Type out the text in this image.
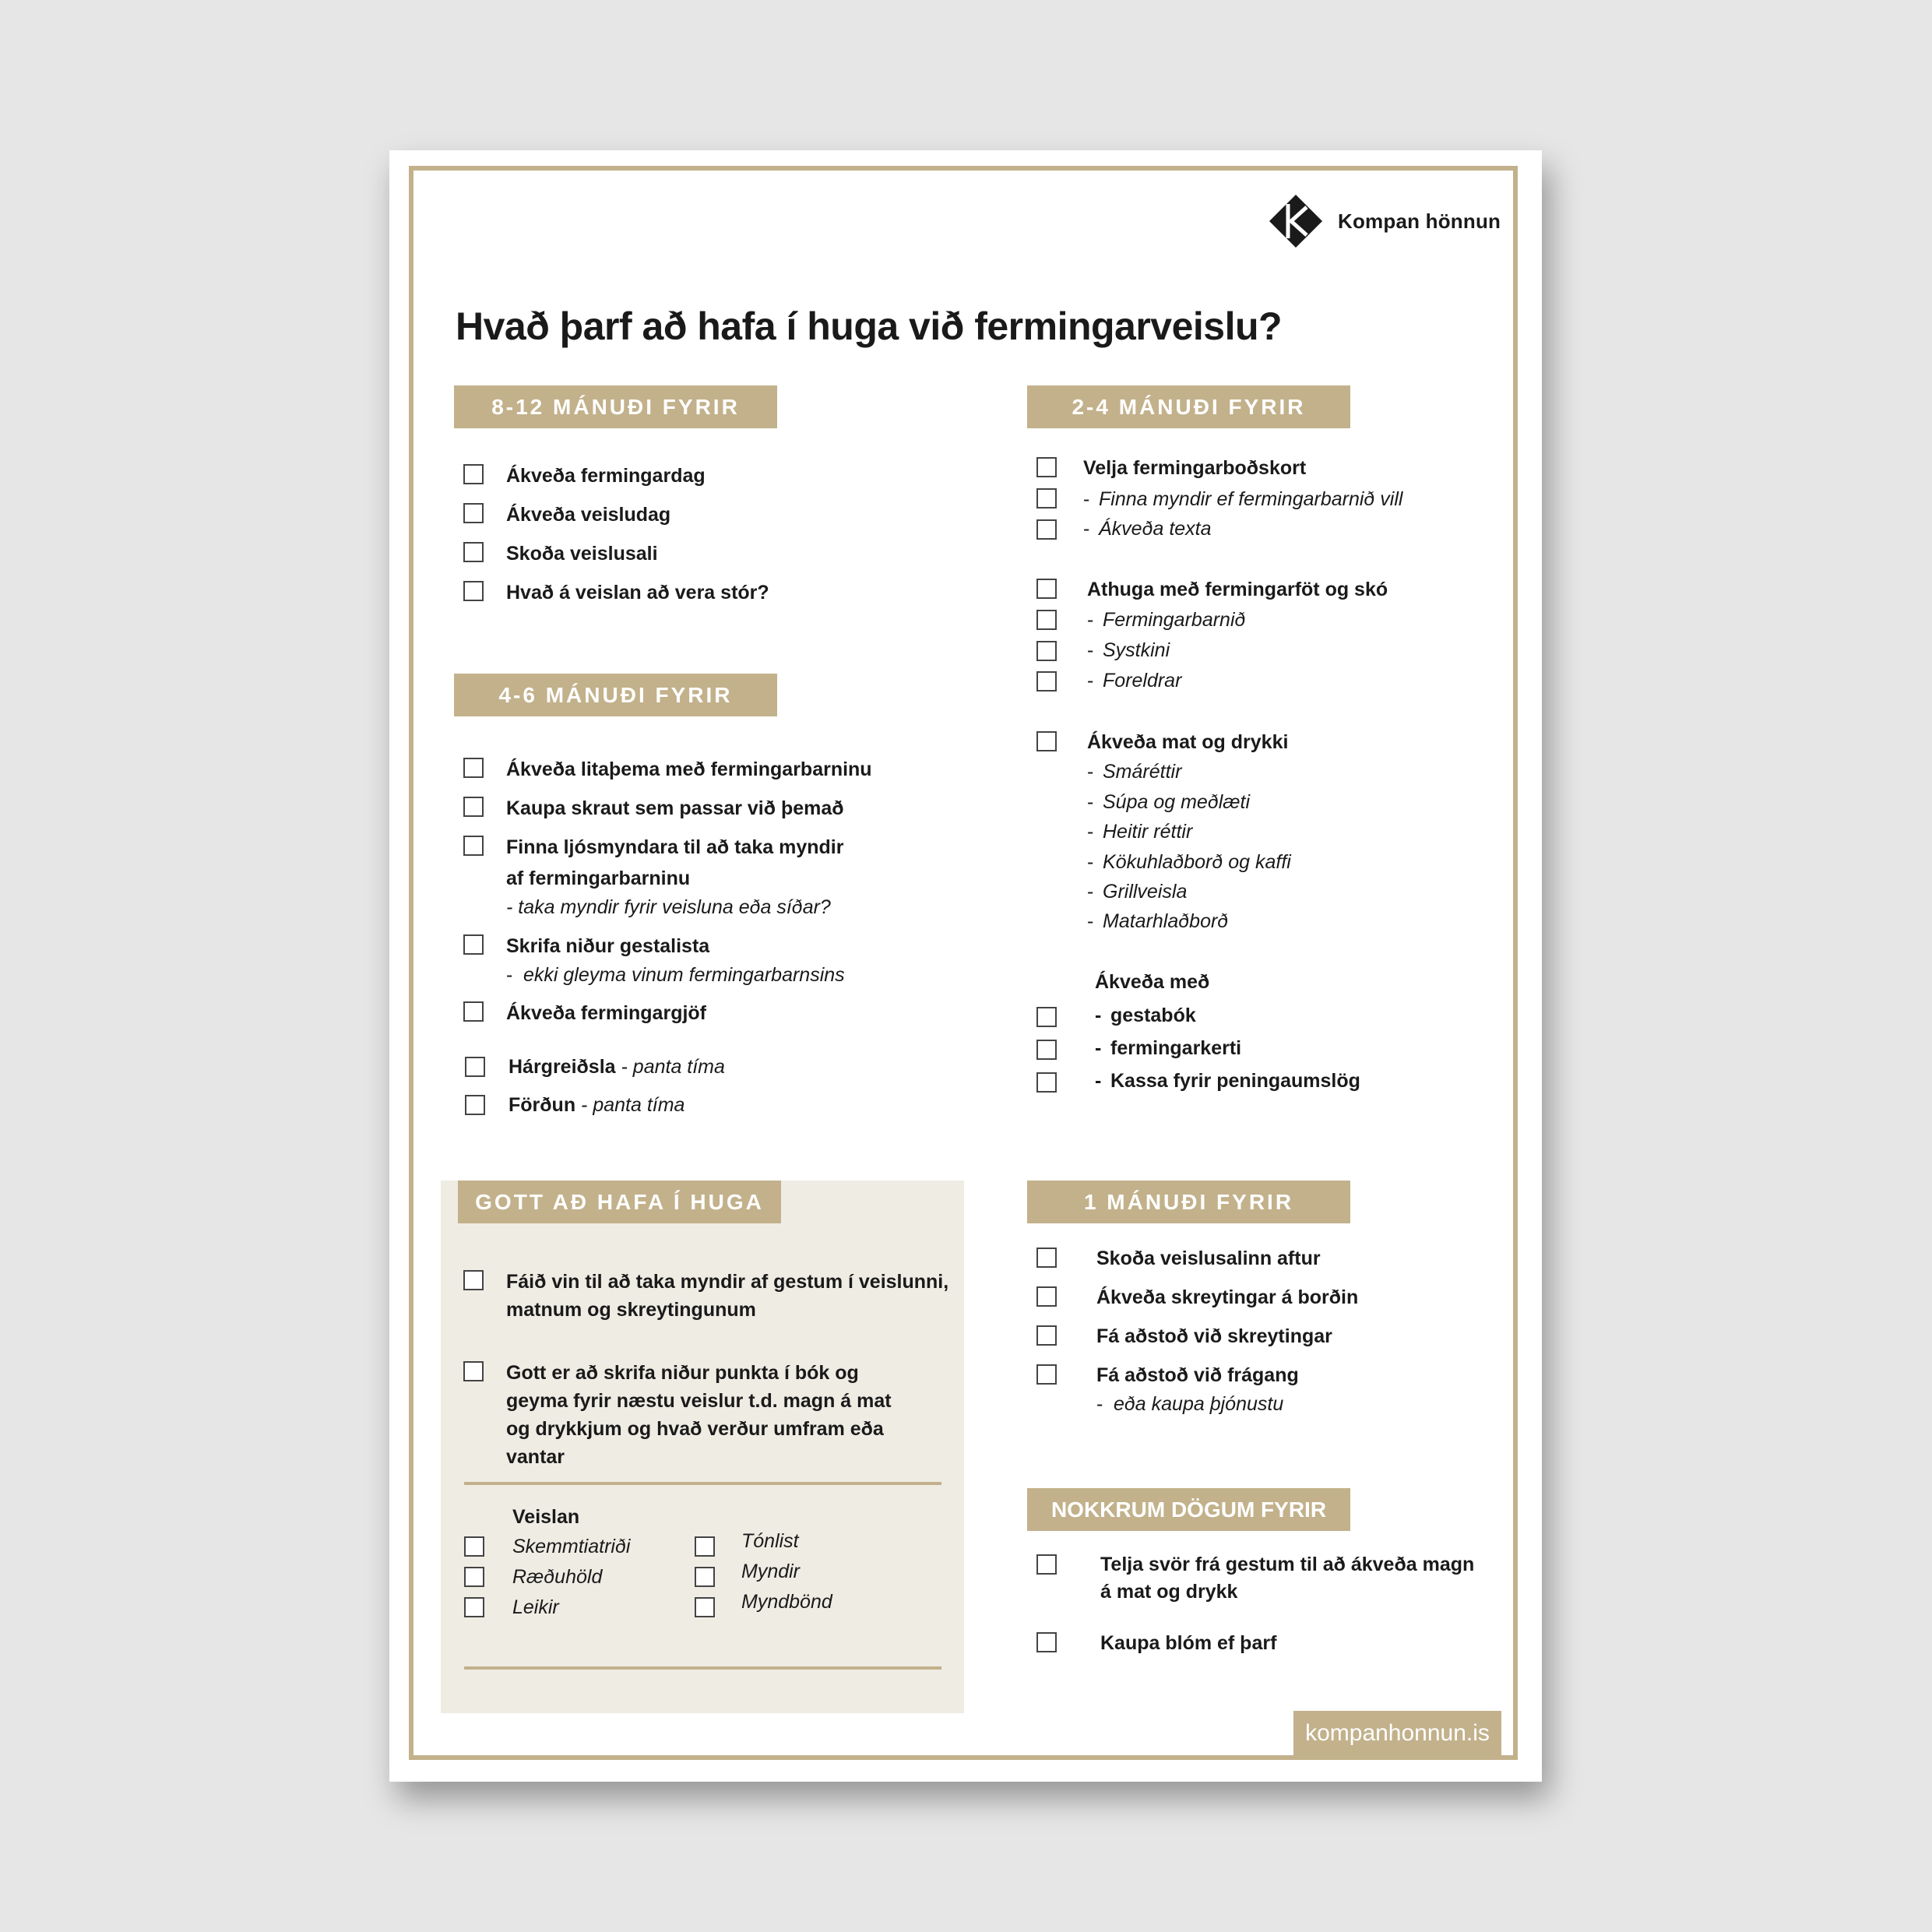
Kompan hönnun
Hvað þarf að hafa í huga við fermingarveislu?
8-12 MÁNUÐI FYRIR
Ákveða fermingardag
Ákveða veisludag
Skoða veislusali
Hvað á veislan að vera stór?
4-6 MÁNUÐI FYRIR
Ákveða litaþema með fermingarbarninu
Kaupa skraut sem passar við þemað
Finna ljósmyndara til að taka myndir
af fermingarbarninu
- taka myndir fyrir veisluna eða síðar?
Skrifa niður gestalista
- ekki gleyma vinum fermingarbarnsins
Ákveða fermingargjöf
Hárgreiðsla - panta tíma
Förðun - panta tíma
GOTT AÐ HAFA Í HUGA
Fáið vin til að taka myndir af gestum í veislunni,
matnum og skreytingunum
Gott er að skrifa niður punkta í bók og
geyma fyrir næstu veislur t.d. magn á mat
og drykkjum og hvað verður umfram eða
vantar
Veislan
Skemmtiatriði
Ræðuhöld
Leikir
Tónlist
Myndir
Myndbönd
2-4 MÁNUÐI FYRIR
Velja fermingarboðskort
- Finna myndir ef fermingarbarnið vill
- Ákveða texta
Athuga með fermingarföt og skó
- Fermingarbarnið
- Systkini
- Foreldrar
Ákveða mat og drykki
- Smáréttir
- Súpa og meðlæti
- Heitir réttir
- Kökuhlaðborð og kaffi
- Grillveisla
- Matarhlaðborð
Ákveða með
- gestabók
- fermingarkerti
- Kassa fyrir peningaumslög
1 MÁNUÐI FYRIR
Skoða veislusalinn aftur
Ákveða skreytingar á borðin
Fá aðstoð við skreytingar
Fá aðstoð við frágang
- eða kaupa þjónustu
NOKKRUM DÖGUM FYRIR
Telja svör frá gestum til að ákveða magn
á mat og drykk
Kaupa blóm ef þarf
kompanhonnun.is
